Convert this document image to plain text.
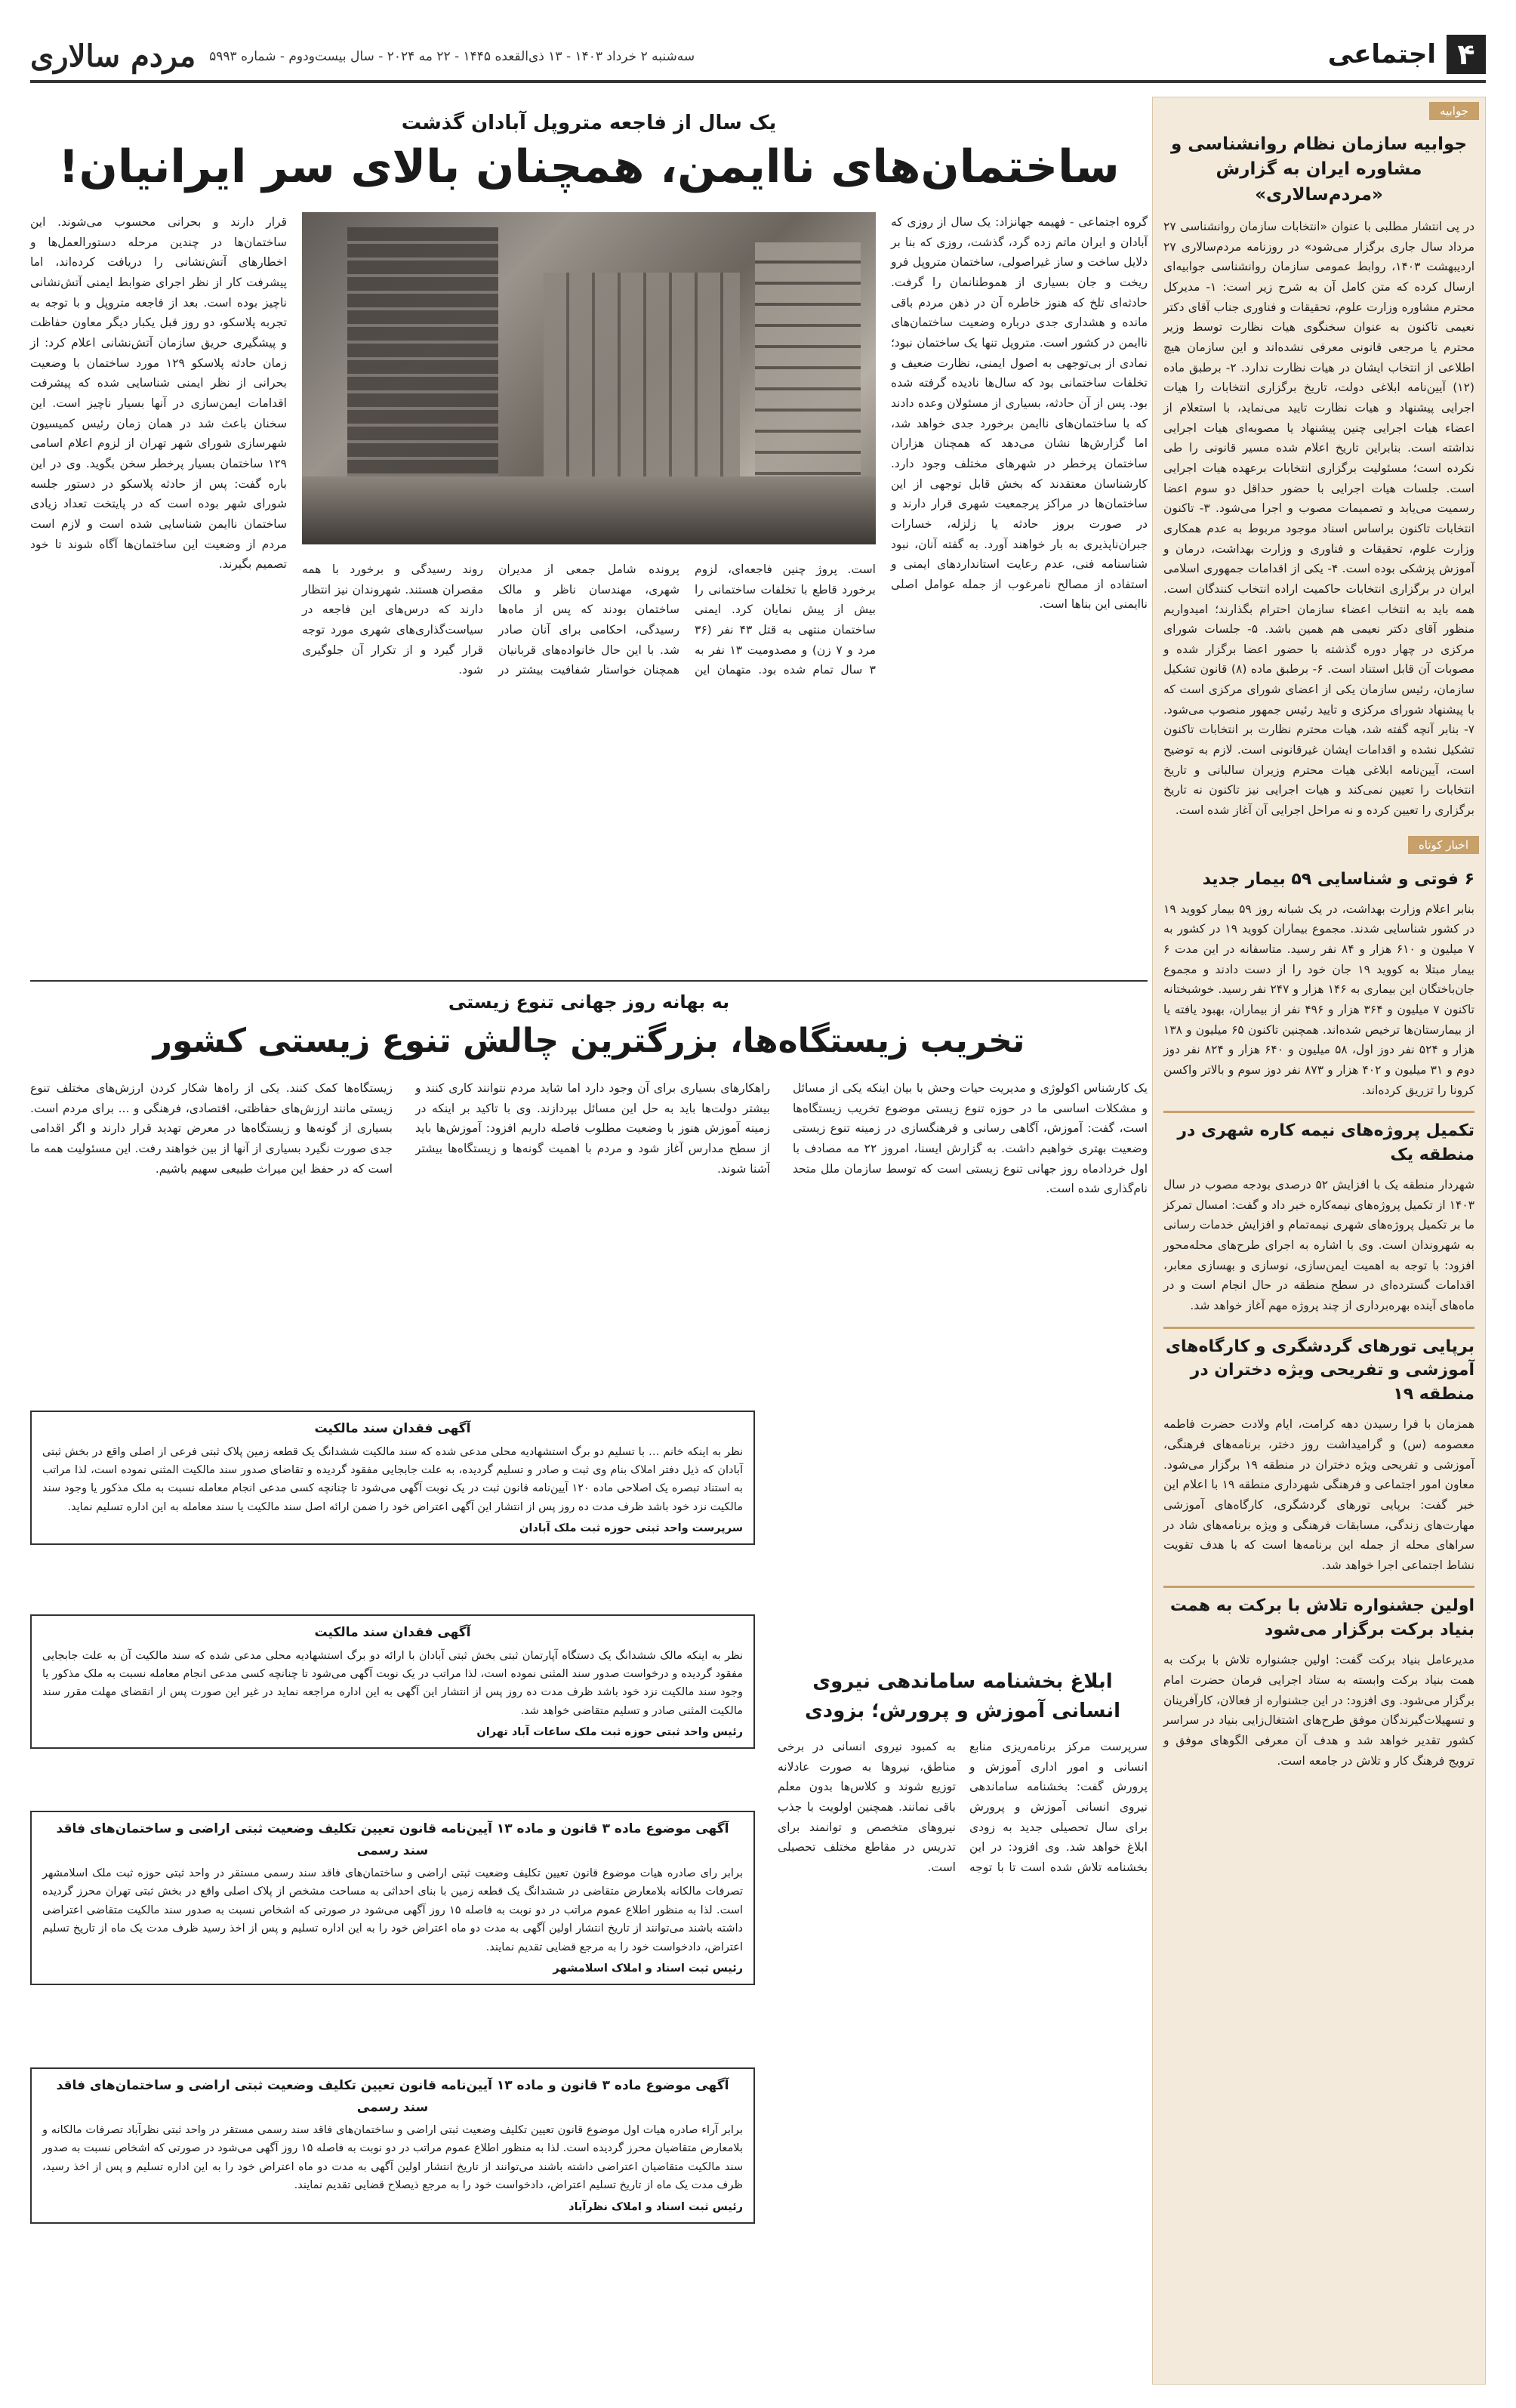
۴
اجتماعی
سه‌شنبه ۲ خرداد ۱۴۰۳ - ۱۳ ذی‌القعده ۱۴۴۵ - ۲۲ مه ۲۰۲۴ - سال بیست‌ودوم - شماره ۵۹۹۳
مردم سالاری
جوابیه
جوابیه سازمان نظام روانشناسی و مشاوره ایران به گزارش «مردم‌سالاری»
در پی انتشار مطلبی با عنوان «انتخابات سازمان روانشناسی ۲۷ مرداد سال جاری برگزار می‌شود» در روزنامه مردم‌سالاری ۲۷ اردیبهشت ۱۴۰۳، روابط عمومی سازمان روانشناسی جوابیه‌ای ارسال کرده که متن کامل آن به شرح زیر است: ۱- مدیرکل محترم مشاوره وزارت علوم، تحقیقات و فناوری جناب آقای دکتر نعیمی تاکنون به عنوان سخنگوی هیات نظارت توسط وزیر محترم یا مرجعی قانونی معرفی نشده‌اند و این سازمان هیچ اطلاعی از انتخاب ایشان در هیات نظارت ندارد. ۲- برطبق ماده (۱۲) آیین‌نامه ابلاغی دولت، تاریخ برگزاری انتخابات را هیات اجرایی پیشنهاد و هیات نظارت تایید می‌نماید، با استعلام از اعضاء هیات اجرایی چنین پیشنهاد یا مصوبه‌ای هیات اجرایی نداشته است. بنابراین تاریخ اعلام شده مسیر قانونی را طی نکرده است؛ مسئولیت برگزاری انتخابات برعهده هیات اجرایی است. جلسات هیات اجرایی با حضور حداقل دو سوم اعضا رسمیت می‌یابد و تصمیمات مصوب و اجرا می‌شود. ۳- تاکنون انتخابات تاکنون براساس اسناد موجود مربوط به عدم همکاری وزارت علوم، تحقیقات و فناوری و وزارت بهداشت، درمان و آموزش پزشکی بوده است. ۴- یکی از اقدامات جمهوری اسلامی ایران در برگزاری انتخابات حاکمیت اراده انتخاب کنندگان است. همه باید به انتخاب اعضاء سازمان احترام بگذارند؛ امیدواریم منظور آقای دکتر نعیمی هم همین باشد. ۵- جلسات شورای مرکزی در چهار دوره گذشته با حضور اعضا برگزار شده و مصوبات آن قابل استناد است. ۶- برطبق ماده (۸) قانون تشکیل سازمان، رئیس سازمان یکی از اعضای شورای مرکزی است که با پیشنهاد شورای مرکزی و تایید رئیس جمهور منصوب می‌شود. ۷- بنابر آنچه گفته شد، هیات محترم نظارت بر انتخابات تاکنون تشکیل نشده و اقدامات ایشان غیرقانونی است. لازم به توضیح است، آیین‌نامه ابلاغی هیات محترم وزیران سالبانی و تاریخ انتخابات را تعیین نمی‌کند و هیات اجرایی نیز تاکنون نه تاریخ برگزاری را تعیین کرده و نه مراحل اجرایی آن آغاز شده است.
اخبار کوتاه
۶ فوتی و شناسایی ۵۹ بیمار جدید
بنابر اعلام وزارت بهداشت، در یک شبانه روز ۵۹ بیمار کووید ۱۹ در کشور شناسایی شدند. مجموع بیماران کووید ۱۹ در کشور به ۷ میلیون و ۶۱۰ هزار و ۸۴ نفر رسید. متاسفانه در این مدت ۶ بیمار مبتلا به کووید ۱۹ جان خود را از دست دادند و مجموع جان‌باختگان این بیماری به ۱۴۶ هزار و ۲۴۷ نفر رسید. خوشبختانه تاکنون ۷ میلیون و ۳۶۴ هزار و ۴۹۶ نفر از بیماران، بهبود یافته یا از بیمارستان‌ها ترخیص شده‌اند. همچنین تاکنون ۶۵ میلیون و ۱۳۸ هزار و ۵۲۴ نفر دوز اول، ۵۸ میلیون و ۶۴۰ هزار و ۸۲۴ نفر دوز دوم و ۳۱ میلیون و ۴۰۲ هزار و ۸۷۳ نفر دوز سوم و بالاتر واکسن کرونا را تزریق کرده‌اند.
تکمیل پروژه‌های نیمه کاره شهری در منطقه یک
شهردار منطقه یک با افزایش ۵۲ درصدی بودجه مصوب در سال ۱۴۰۳ از تکمیل پروژه‌های نیمه‌کاره خبر داد و گفت: امسال تمرکز ما بر تکمیل پروژه‌های شهری نیمه‌تمام و افزایش خدمات رسانی به شهروندان است. وی با اشاره به اجرای طرح‌های محله‌محور افزود: با توجه به اهمیت ایمن‌سازی، نوسازی و بهسازی معابر، اقدامات گسترده‌ای در سطح منطقه در حال انجام است و در ماه‌های آینده بهره‌برداری از چند پروژه مهم آغاز خواهد شد.
برپایی تورهای گردشگری و کارگاه‌های آموزشی و تفریحی ویژه دختران در منطقه ۱۹
همزمان با فرا رسیدن دهه کرامت، ایام ولادت حضرت فاطمه معصومه (س) و گرامیداشت روز دختر، برنامه‌های فرهنگی، آموزشی و تفریحی ویژه دختران در منطقه ۱۹ برگزار می‌شود. معاون امور اجتماعی و فرهنگی شهرداری منطقه ۱۹ با اعلام این خبر گفت: برپایی تورهای گردشگری، کارگاه‌های آموزشی مهارت‌های زندگی، مسابقات فرهنگی و ویژه برنامه‌های شاد در سراهای محله از جمله این برنامه‌ها است که با هدف تقویت نشاط اجتماعی اجرا خواهد شد.
اولین جشنواره تلاش با برکت به همت بنیاد برکت برگزار می‌شود
مدیرعامل بنیاد برکت گفت: اولین جشنواره تلاش با برکت به همت بنیاد برکت وابسته به ستاد اجرایی فرمان حضرت امام برگزار می‌شود. وی افزود: در این جشنواره از فعالان، کارآفرینان و تسهیلات‌گیرندگان موفق طرح‌های اشتغال‌زایی بنیاد در سراسر کشور تقدیر خواهد شد و هدف آن معرفی الگوهای موفق و ترویج فرهنگ کار و تلاش در جامعه است.
یک سال از فاجعه متروپل آبادان گذشت
ساختمان‌های ناایمن، همچنان بالای سر ایرانیان!
گروه اجتماعی - فهیمه جهانزاد: یک سال از روزی که آبادان و ایران ماتم زده گرد، گذشت، روزی که بنا بر دلایل ساخت و ساز غیراصولی، ساختمان متروپل فرو ریخت و جان بسیاری از هموطنانمان را گرفت. حادثه‌ای تلخ که هنوز خاطره آن در ذهن مردم باقی مانده و هشداری جدی درباره وضعیت ساختمان‌های ناایمن در کشور است. متروپل تنها یک ساختمان نبود؛ نمادی از بی‌توجهی به اصول ایمنی، نظارت ضعیف و تخلفات ساختمانی بود که سال‌ها نادیده گرفته شده بود. پس از آن حادثه، بسیاری از مسئولان وعده دادند که با ساختمان‌های ناایمن برخورد جدی خواهد شد، اما گزارش‌ها نشان می‌دهد که همچنان هزاران ساختمان پرخطر در شهرهای مختلف وجود دارد. کارشناسان معتقدند که بخش قابل توجهی از این ساختمان‌ها در مراکز پرجمعیت شهری قرار دارند و در صورت بروز حادثه یا زلزله، خسارات جبران‌ناپذیری به بار خواهند آورد. به گفته آنان، نبود شناسنامه فنی، عدم رعایت استانداردهای ایمنی و استفاده از مصالح نامرغوب از جمله عوامل اصلی ناایمنی این بناها است.
است. پروژ چنین فاجعه‌ای، لزوم برخورد قاطع با تخلفات ساختمانی را بیش از پیش نمایان کرد. ایمنی ساختمان منتهی به قتل ۴۳ نفر (۳۶ مرد و ۷ زن) و مصدومیت ۱۳ نفر به ۳ سال تمام شده بود. متهمان این پرونده شامل جمعی از مدیران شهری، مهندسان ناظر و مالک ساختمان بودند که پس از ماه‌ها رسیدگی، احکامی برای آنان صادر شد. با این حال خانواده‌های قربانیان همچنان خواستار شفافیت بیشتر در روند رسیدگی و برخورد با همه مقصران هستند. شهروندان نیز انتظار دارند که درس‌های این فاجعه در سیاست‌گذاری‌های شهری مورد توجه قرار گیرد و از تکرار آن جلوگیری شود.
قرار دارند و بحرانی محسوب می‌شوند. این ساختمان‌ها در چندین مرحله دستورالعمل‌ها و اخطارهای آتش‌نشانی را دریافت کرده‌اند، اما پیشرفت کار از نظر اجرای ضوابط ایمنی آتش‌نشانی ناچیز بوده است. بعد از فاجعه متروپل و با توجه به تجربه پلاسکو، دو روز قبل یکبار دیگر معاون حفاظت و پیشگیری حریق سازمان آتش‌نشانی اعلام کرد: از زمان حادثه پلاسکو ۱۲۹ مورد ساختمان با وضعیت بحرانی از نظر ایمنی شناسایی شده که پیشرفت اقدامات ایمن‌سازی در آنها بسیار ناچیز است. این سخنان باعث شد در همان زمان رئیس کمیسیون شهرسازی شورای شهر تهران از لزوم اعلام اسامی ۱۲۹ ساختمان بسیار پرخطر سخن بگوید. وی در این باره گفت: پس از حادثه پلاسکو در دستور جلسه شورای شهر بوده است که در پایتخت تعداد زیادی ساختمان ناایمن شناسایی شده است و لازم است مردم از وضعیت این ساختمان‌ها آگاه شوند تا خود تصمیم بگیرند.
به بهانه روز جهانی تنوع زیستی
تخریب زیستگاه‌ها، بزرگترین چالش تنوع زیستی کشور
یک کارشناس اکولوژی و مدیریت حیات وحش با بیان اینکه یکی از مسائل و مشکلات اساسی ما در حوزه تنوع زیستی موضوع تخریب زیستگاه‌ها است، گفت: آموزش، آگاهی رسانی و فرهنگسازی در زمینه تنوع زیستی وضعیت بهتری خواهیم داشت. به گزارش ایسنا، امروز ۲۲ مه مصادف با اول خردادماه روز جهانی تنوع زیستی است که توسط سازمان ملل متحد نام‌گذاری شده است.
راهکارهای بسیاری برای آن وجود دارد اما شاید مردم نتوانند کاری کنند و بیشتر دولت‌ها باید به حل این مسائل بپردازند. وی با تاکید بر اینکه در زمینه آموزش هنوز با وضعیت مطلوب فاصله داریم افزود: آموزش‌ها باید از سطح مدارس آغاز شود و مردم با اهمیت گونه‌ها و زیستگاه‌ها بیشتر آشنا شوند.
زیستگاه‌ها کمک کنند. یکی از راه‌ها شکار کردن ارزش‌های مختلف تنوع زیستی مانند ارزش‌های حفاظتی، اقتصادی، فرهنگی و ... برای مردم است. بسیاری از گونه‌ها و زیستگاه‌ها در معرض تهدید قرار دارند و اگر اقدامی جدی صورت نگیرد بسیاری از آنها از بین خواهند رفت. این مسئولیت همه ما است که در حفظ این میراث طبیعی سهیم باشیم.
آگهی فقدان سند مالکیت
نظر به اینکه خانم … با تسلیم دو برگ استشهادیه محلی مدعی شده که سند مالکیت ششدانگ یک قطعه زمین پلاک ثبتی فرعی از اصلی واقع در بخش ثبتی آبادان که ذیل دفتر املاک بنام وی ثبت و صادر و تسلیم گردیده، به علت جابجایی مفقود گردیده و تقاضای صدور سند مالکیت المثنی نموده است، لذا مراتب به استناد تبصره یک اصلاحی ماده ۱۲۰ آیین‌نامه قانون ثبت در یک نوبت آگهی می‌شود تا چنانچه کسی مدعی انجام معامله نسبت به ملک مذکور یا وجود سند مالکیت نزد خود باشد ظرف مدت ده روز پس از انتشار این آگهی اعتراض خود را ضمن ارائه اصل سند مالکیت یا سند معامله به این اداره تسلیم نماید.
سرپرست واحد ثبتی حوزه ثبت ملک آبادان
آگهی فقدان سند مالکیت
نظر به اینکه مالک ششدانگ یک دستگاه آپارتمان ثبتی بخش ثبتی آبادان با ارائه دو برگ استشهادیه محلی مدعی شده که سند مالکیت آن به علت جابجایی مفقود گردیده و درخواست صدور سند المثنی نموده است، لذا مراتب در یک نوبت آگهی می‌شود تا چنانچه کسی مدعی انجام معامله نسبت به ملک مذکور یا وجود سند مالکیت نزد خود باشد ظرف مدت ده روز پس از انتشار این آگهی به این اداره مراجعه نماید در غیر این صورت پس از انقضای مهلت مقرر سند مالکیت المثنی صادر و تسلیم متقاضی خواهد شد.
رئیس واحد ثبتی حوزه ثبت ملک ساعات آباد تهران
آگهی موضوع ماده ۳ قانون و ماده ۱۳ آیین‌نامه قانون تعیین تکلیف وضعیت ثبتی اراضی و ساختمان‌های فاقد سند رسمی
برابر رای صادره هیات موضوع قانون تعیین تکلیف وضعیت ثبتی اراضی و ساختمان‌های فاقد سند رسمی مستقر در واحد ثبتی حوزه ثبت ملک اسلامشهر تصرفات مالکانه بلامعارض متقاضی در ششدانگ یک قطعه زمین با بنای احداثی به مساحت مشخص از پلاک اصلی واقع در بخش ثبتی تهران محرز گردیده است. لذا به منظور اطلاع عموم مراتب در دو نوبت به فاصله ۱۵ روز آگهی می‌شود در صورتی که اشخاص نسبت به صدور سند مالکیت متقاضی اعتراضی داشته باشند می‌توانند از تاریخ انتشار اولین آگهی به مدت دو ماه اعتراض خود را به این اداره تسلیم و پس از اخذ رسید ظرف مدت یک ماه از تاریخ تسلیم اعتراض، دادخواست خود را به مرجع قضایی تقدیم نمایند.
رئیس ثبت اسناد و املاک اسلامشهر
آگهی موضوع ماده ۳ قانون و ماده ۱۳ آیین‌نامه قانون تعیین تکلیف وضعیت ثبتی اراضی و ساختمان‌های فاقد سند رسمی
برابر آراء صادره هیات اول موضوع قانون تعیین تکلیف وضعیت ثبتی اراضی و ساختمان‌های فاقد سند رسمی مستقر در واحد ثبتی نظرآباد تصرفات مالکانه و بلامعارض متقاضیان محرز گردیده است. لذا به منظور اطلاع عموم مراتب در دو نوبت به فاصله ۱۵ روز آگهی می‌شود در صورتی که اشخاص نسبت به صدور سند مالکیت متقاضیان اعتراضی داشته باشند می‌توانند از تاریخ انتشار اولین آگهی به مدت دو ماه اعتراض خود را به این اداره تسلیم و پس از اخذ رسید، ظرف مدت یک ماه از تاریخ تسلیم اعتراض، دادخواست خود را به مرجع ذیصلاح قضایی تقدیم نمایند.
رئیس ثبت اسناد و املاک نظرآباد
ابلاغ بخشنامه ساماندهی نیروی انسانی آموزش و پرورش؛ بزودی
سرپرست مرکز برنامه‌ریزی منابع انسانی و امور اداری آموزش و پرورش گفت: بخشنامه ساماندهی نیروی انسانی آموزش و پرورش برای سال تحصیلی جدید به زودی ابلاغ خواهد شد. وی افزود: در این بخشنامه تلاش شده است تا با توجه به کمبود نیروی انسانی در برخی مناطق، نیروها به صورت عادلانه توزیع شوند و کلاس‌ها بدون معلم باقی نمانند. همچنین اولویت با جذب نیروهای متخصص و توانمند برای تدریس در مقاطع مختلف تحصیلی است.
